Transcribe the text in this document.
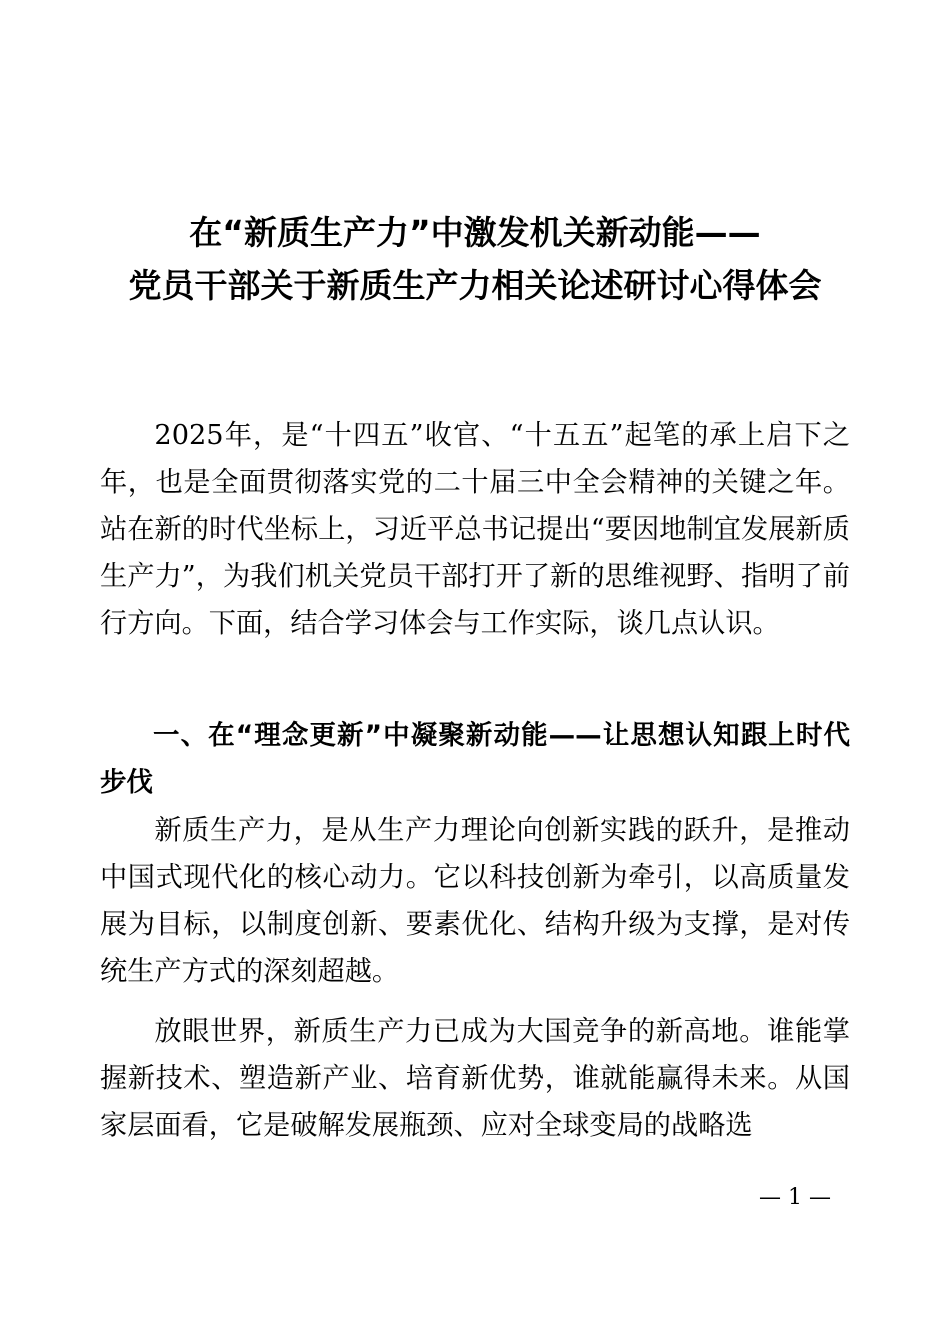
在“新质生产力”中激发机关新动能——
党员干部关于新质生产力相关论述研讨心得体会

2025年，是“十四五”收官、“十五五”起笔的承上启下之年，也是全面贯彻落实党的二十届三中全会精神的关键之年。站在新的时代坐标上，习近平总书记提出“要因地制宜发展新质生产力”，为我们机关党员干部打开了新的思维视野、指明了前行方向。下面，结合学习体会与工作实际，谈几点认识。

一、在“理念更新”中凝聚新动能——让思想认知跟上时代步伐

新质生产力，是从生产力理论向创新实践的跃升，是推动中国式现代化的核心动力。它以科技创新为牵引，以高质量发展为目标，以制度创新、要素优化、结构升级为支撑，是对传统生产方式的深刻超越。

放眼世界，新质生产力已成为大国竞争的新高地。谁能掌握新技术、塑造新产业、培育新优势，谁就能赢得未来。从国家层面看，它是破解发展瓶颈、应对全球变局的战略选

— 1 —
